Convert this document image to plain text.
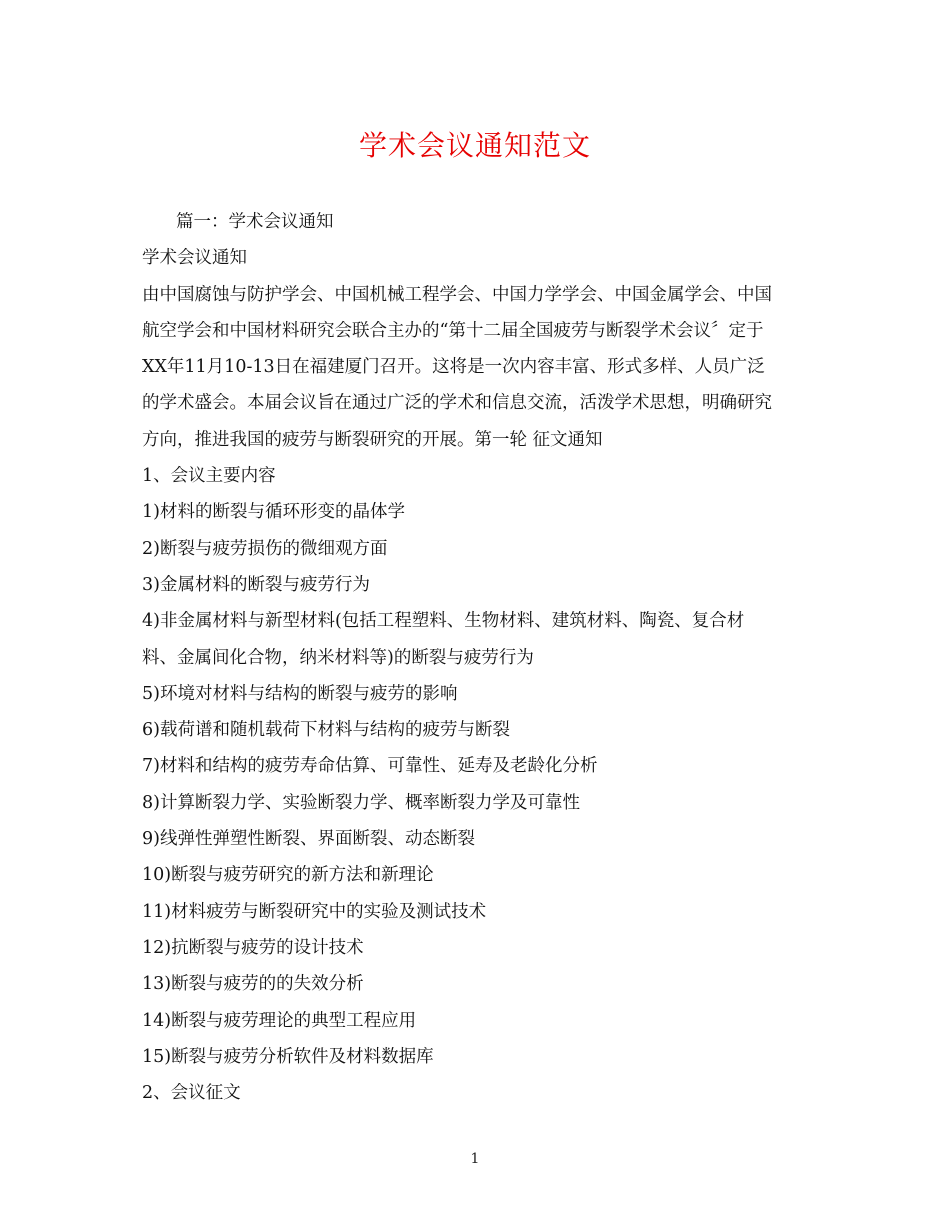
学术会议通知范文
篇一：学术会议通知
学术会议通知
由中国腐蚀与防护学会、中国机械工程学会、中国力学学会、中国金属学会、中国
航空学会和中国材料研究会联合主办的“第十二届全国疲劳与断裂学术会议〞定于
XX年11月10-13日在福建厦门召开。这将是一次内容丰富、形式多样、人员广泛
的学术盛会。本届会议旨在通过广泛的学术和信息交流，活泼学术思想，明确研究
方向，推进我国的疲劳与断裂研究的开展。第一轮 征文通知
1、会议主要内容
1)材料的断裂与循环形变的晶体学
2)断裂与疲劳损伤的微细观方面
3)金属材料的断裂与疲劳行为
4)非金属材料与新型材料(包括工程塑料、生物材料、建筑材料、陶瓷、复合材
料、金属间化合物，纳米材料等)的断裂与疲劳行为
5)环境对材料与结构的断裂与疲劳的影响
6)载荷谱和随机载荷下材料与结构的疲劳与断裂
7)材料和结构的疲劳寿命估算、可靠性、延寿及老龄化分析
8)计算断裂力学、实验断裂力学、概率断裂力学及可靠性
9)线弹性弹塑性断裂、界面断裂、动态断裂
10)断裂与疲劳研究的新方法和新理论
11)材料疲劳与断裂研究中的实验及测试技术
12)抗断裂与疲劳的设计技术
13)断裂与疲劳的的失效分析
14)断裂与疲劳理论的典型工程应用
15)断裂与疲劳分析软件及材料数据库
2、会议征文
1
